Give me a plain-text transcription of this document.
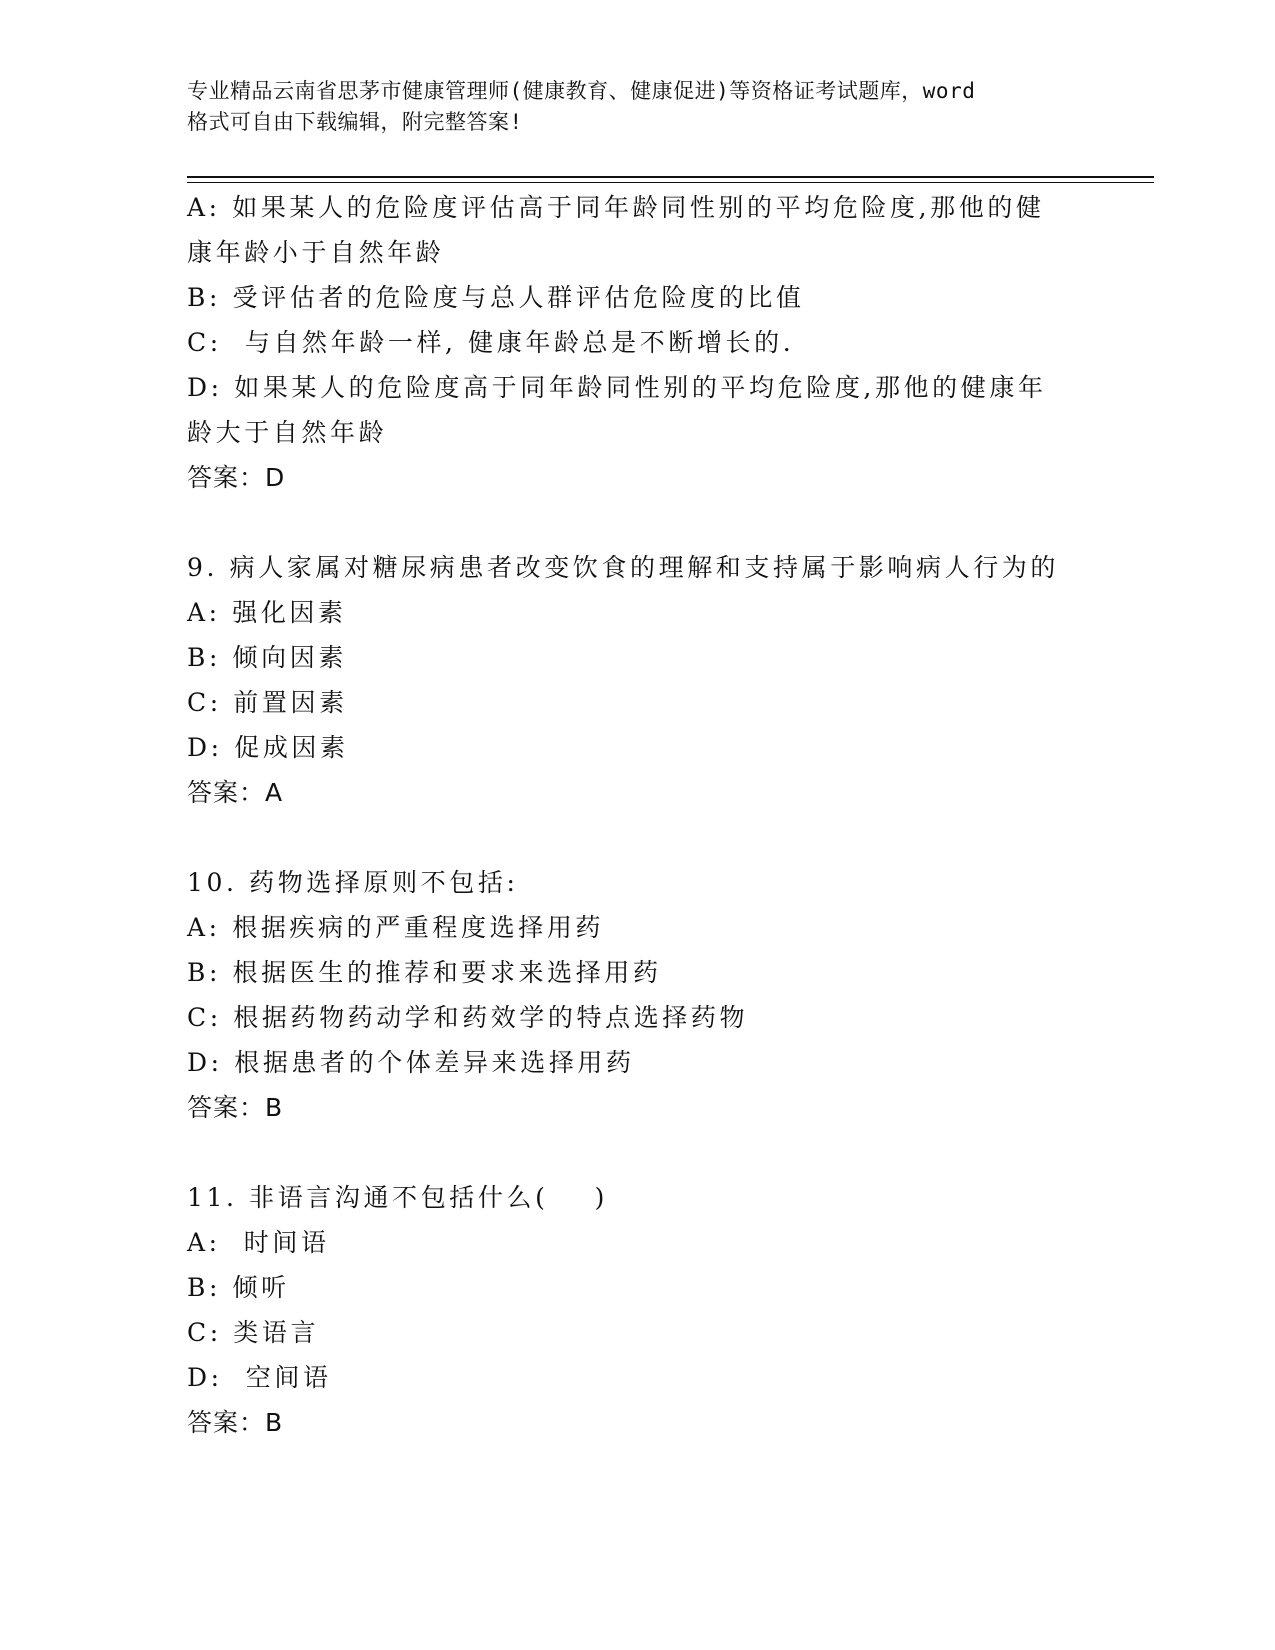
专业精品云南省思茅市健康管理师(健康教育、健康促进)等资格证考试题库，word
格式可自由下载编辑，附完整答案!
A: 如果某人的危险度评估高于同年龄同性别的平均危险度,那他的健
康年龄小于自然年龄
B: 受评估者的危险度与总人群评估危险度的比值
C:  与自然年龄一样, 健康年龄总是不断增长的.
D: 如果某人的危险度高于同年龄同性别的平均危险度,那他的健康年
龄大于自然年龄
答案：D
9. 病人家属对糖尿病患者改变饮食的理解和支持属于影响病人行为的
A: 强化因素
B: 倾向因素
C: 前置因素
D: 促成因素
答案：A
10. 药物选择原则不包括:
A: 根据疾病的严重程度选择用药
B: 根据医生的推荐和要求来选择用药
C: 根据药物药动学和药效学的特点选择药物
D: 根据患者的个体差异来选择用药
答案：B
11. 非语言沟通不包括什么(    )
A:  时间语
B: 倾听
C: 类语言
D:  空间语
答案：B
